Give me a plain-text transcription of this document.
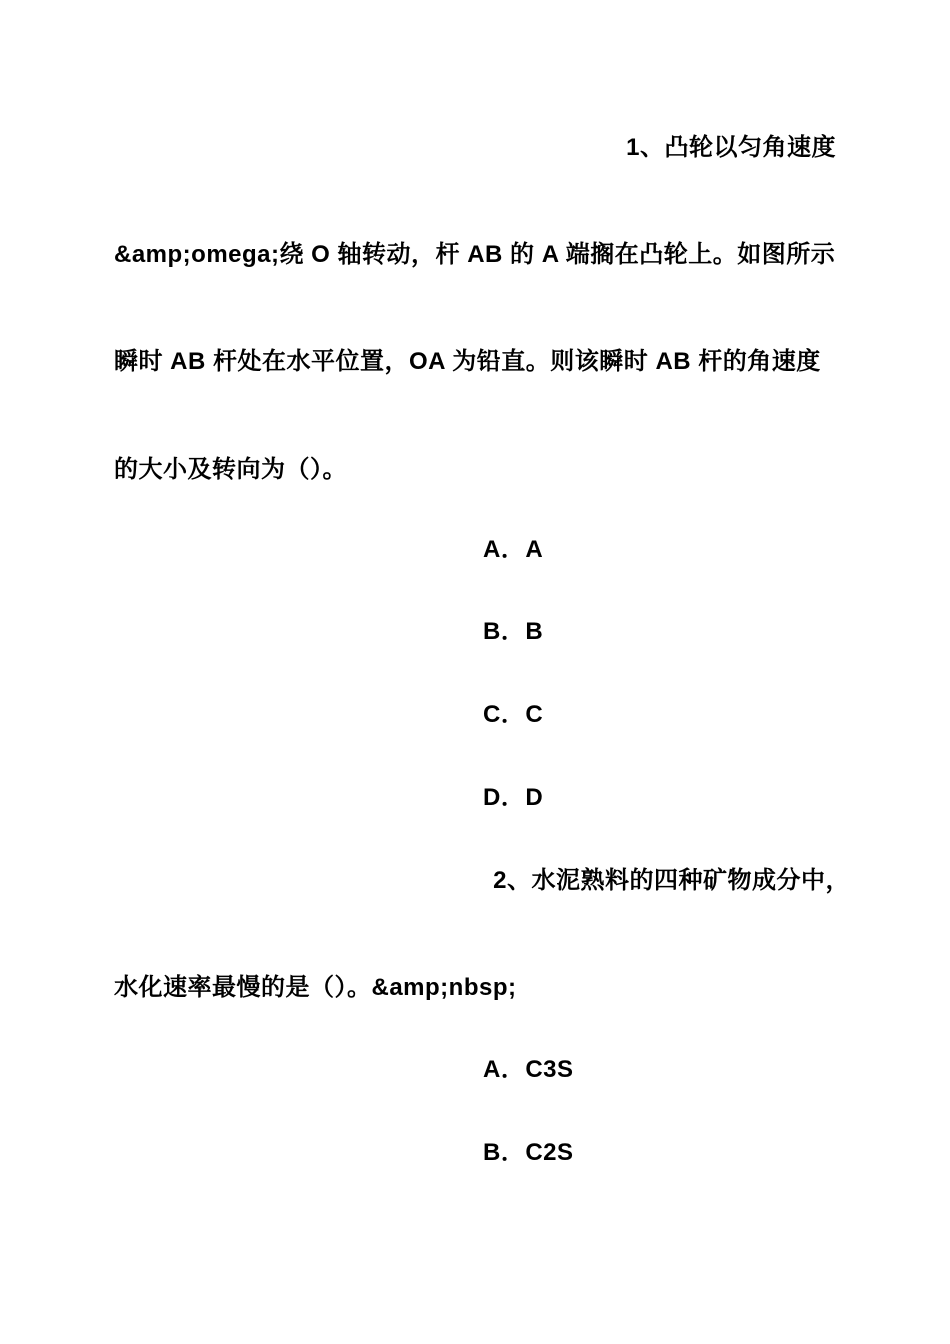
1、凸轮以匀角速度
&amp;omega;绕 O 轴转动，杆 AB 的 A 端搁在凸轮上。如图所示
瞬时 AB 杆处在水平位置，OA 为铅直。则该瞬时 AB 杆的角速度
的大小及转向为（）。
A．A
B．B
C．C
D．D
2、水泥熟料的四种矿物成分中，
水化速率最慢的是（）。&amp;nbsp;
A．C3S
B．C2S
